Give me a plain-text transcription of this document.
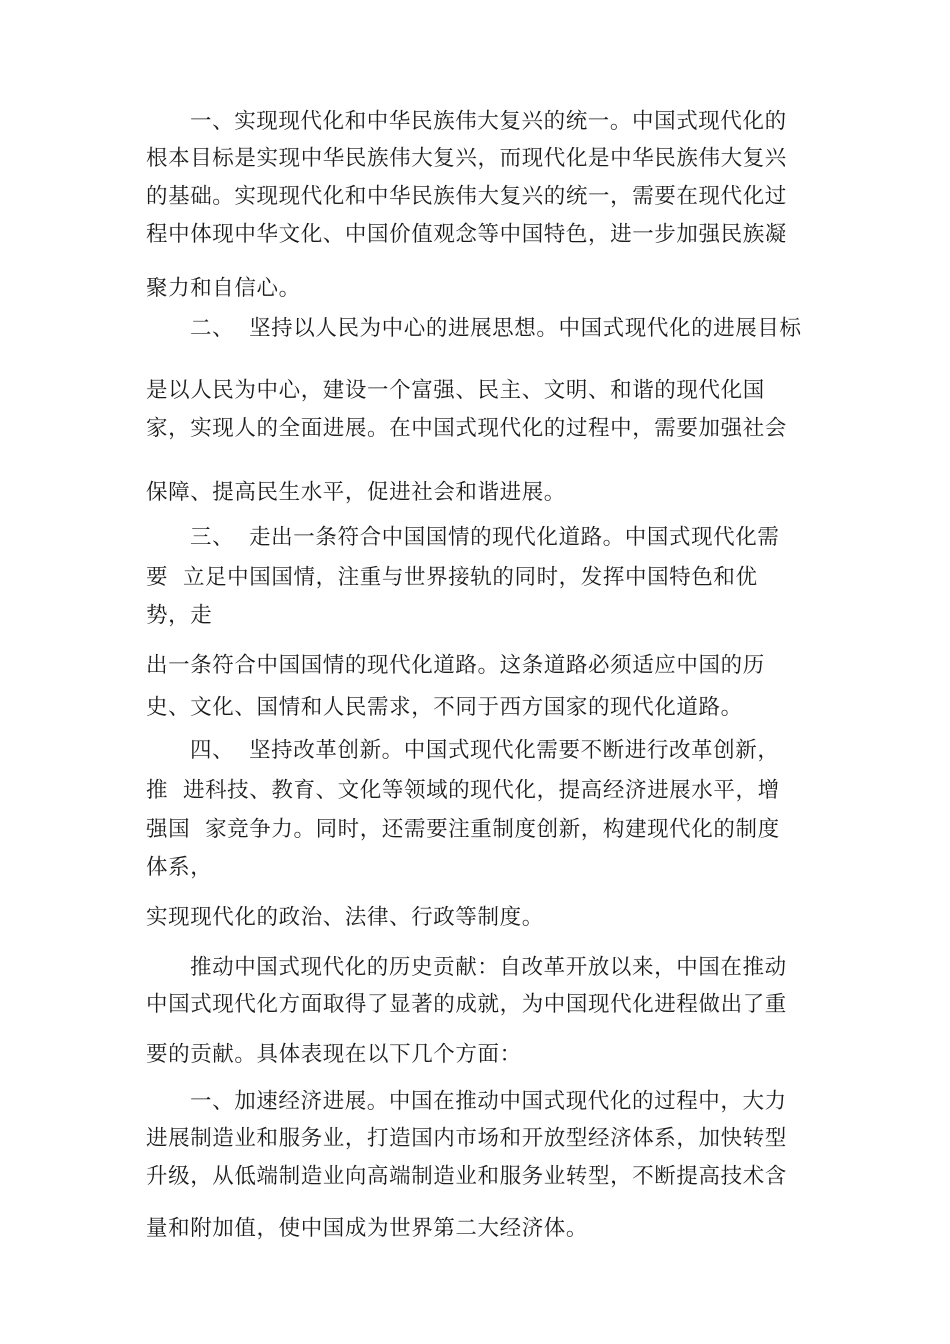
一、实现现代化和中华民族伟大复兴的统一。中国式现代化的
根本目标是实现中华民族伟大复兴，而现代化是中华民族伟大复兴
的基础。实现现代化和中华民族伟大复兴的统一，需要在现代化过
程中体现中华文化、中国价值观念等中国特色，进一步加强民族凝
聚力和自信心。
二、  坚持以人民为中心的进展思想。中国式现代化的进展目标
是以人民为中心，建设一个富强、民主、文明、和谐的现代化国
家，实现人的全面进展。在中国式现代化的过程中，需要加强社会
保障、提高民生水平，促进社会和谐进展。
三、  走出一条符合中国国情的现代化道路。中国式现代化需
要  立足中国国情，注重与世界接轨的同时，发挥中国特色和优
势，走
出一条符合中国国情的现代化道路。这条道路必须适应中国的历
史、文化、国情和人民需求，不同于西方国家的现代化道路。
四、  坚持改革创新。中国式现代化需要不断进行改革创新，
推  进科技、教育、文化等领域的现代化，提高经济进展水平，增
强国  家竞争力。同时，还需要注重制度创新，构建现代化的制度
体系，
实现现代化的政治、法律、行政等制度。
推动中国式现代化的历史贡献：自改革开放以来，中国在推动
中国式现代化方面取得了显著的成就，为中国现代化进程做出了重
要的贡献。具体表现在以下几个方面：
一、加速经济进展。中国在推动中国式现代化的过程中，大力
进展制造业和服务业，打造国内市场和开放型经济体系，加快转型
升级，从低端制造业向高端制造业和服务业转型，不断提高技术含
量和附加值，使中国成为世界第二大经济体。
